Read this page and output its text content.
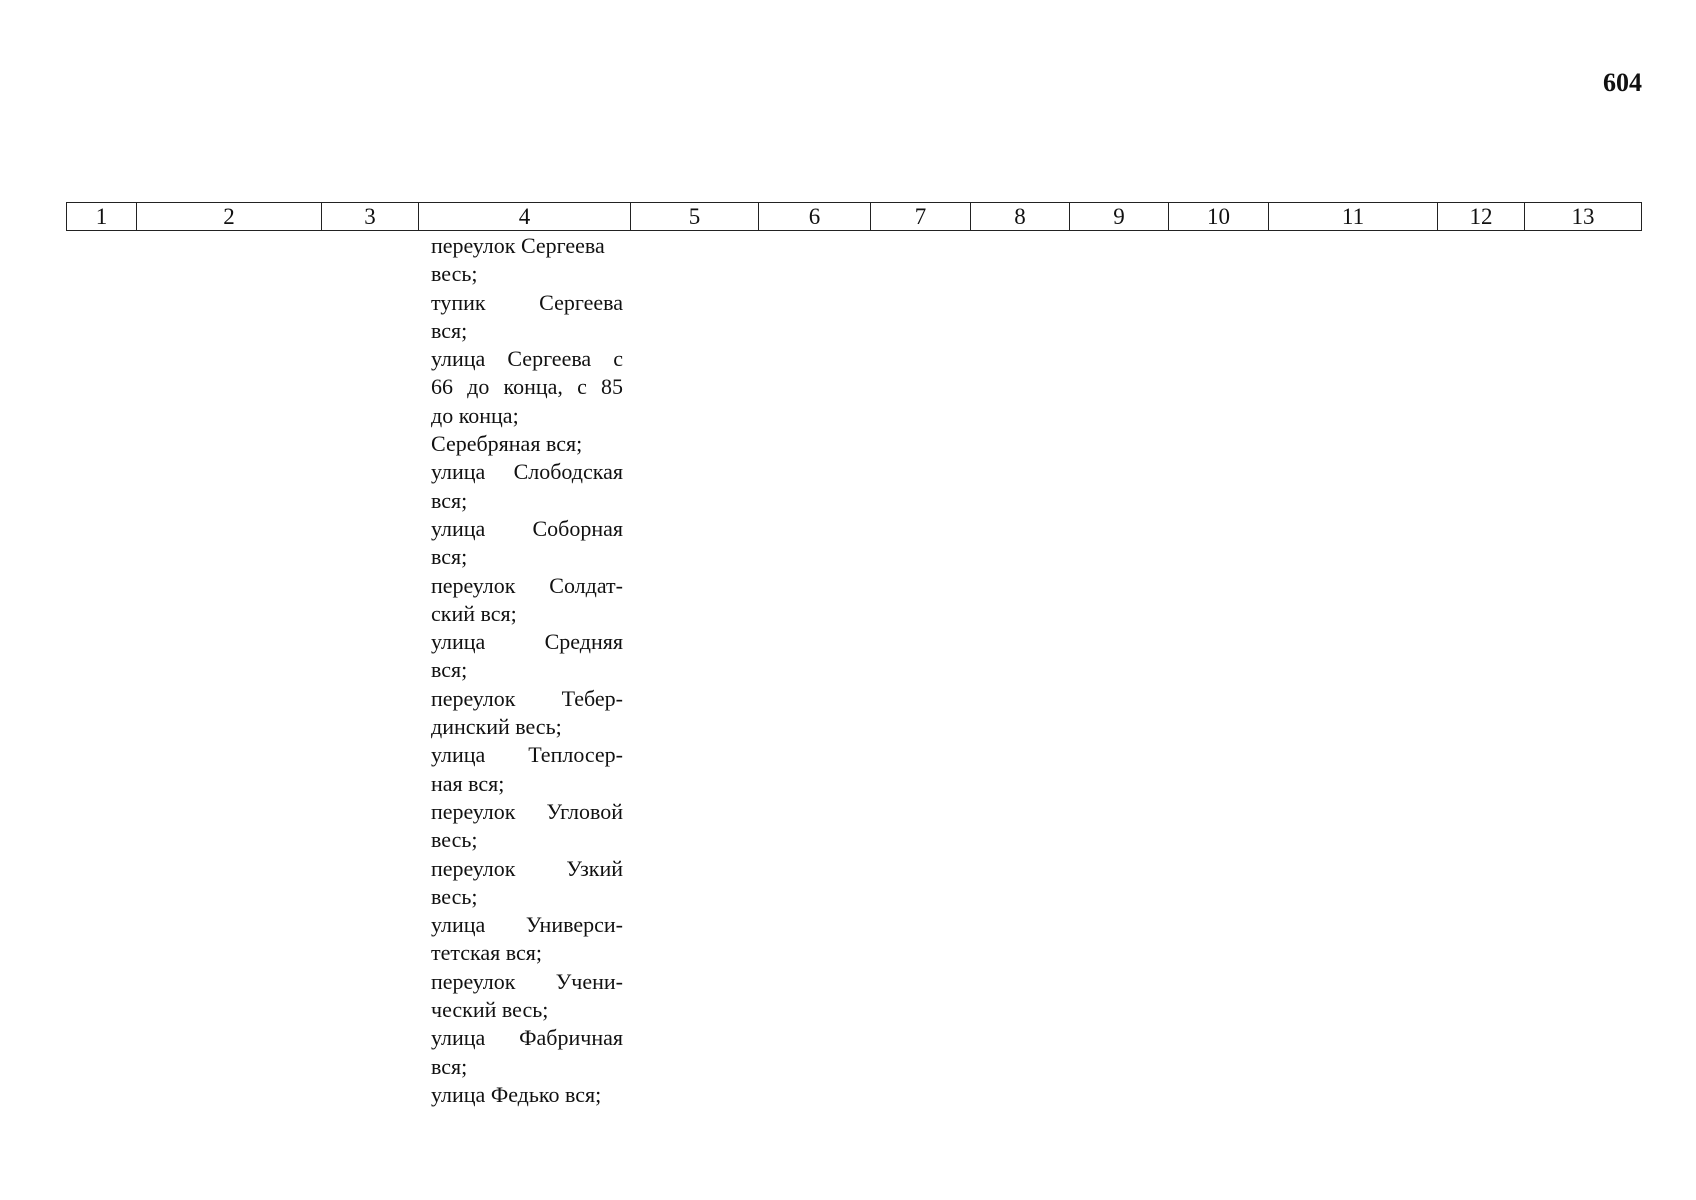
604
1	2	3	4	5	6	7	8	9	10	11	12	13
переулок Сергеева
весь;
тупик Сергеева
вся;
улица Сергеева с
66 до конца, с 85
до конца;
Серебряная вся;
улица Слободская
вся;
улица Соборная
вся;
переулок Солдат-
ский вся;
улица Средняя
вся;
переулок Тебер-
динский весь;
улица Теплосер-
ная вся;
переулок Угловой
весь;
переулок Узкий
весь;
улица Универси-
тетская вся;
переулок Учени-
ческий весь;
улица Фабричная
вся;
улица Федько вся;
